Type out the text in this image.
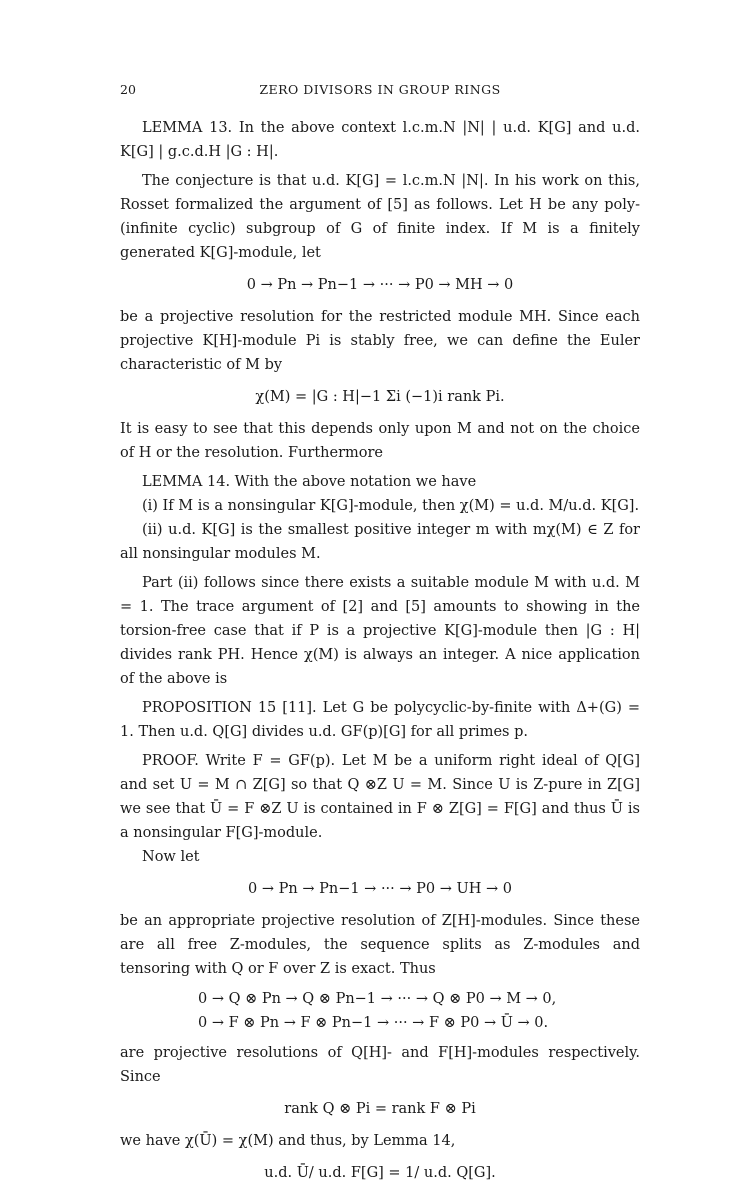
20	ZERO DIVISORS IN GROUP RINGS

LEMMA 13. In the above context l.c.m.N |N| | u.d. K[G] and u.d. K[G] | g.c.d.H |G : H|.

The conjecture is that u.d. K[G] = l.c.m.N |N|. In his work on this, Rosset formalized the argument of [5] as follows. Let H be any poly-(infinite cyclic) subgroup of G of finite index. If M is a finitely generated K[G]-module, let

0 → Pn → Pn−1 → ··· → P0 → MH → 0

be a projective resolution for the restricted module MH. Since each projective K[H]-module Pi is stably free, we can define the Euler characteristic of M by

χ(M) = |G : H|−1 Σi (−1)i rank Pi.

It is easy to see that this depends only upon M and not on the choice of H or the resolution. Furthermore

LEMMA 14. With the above notation we have

(i) If M is a nonsingular K[G]-module, then χ(M) = u.d. M/u.d. K[G].

(ii) u.d. K[G] is the smallest positive integer m with mχ(M) ∈ Z for all nonsingular modules M.

Part (ii) follows since there exists a suitable module M with u.d. M = 1. The trace argument of [2] and [5] amounts to showing in the torsion-free case that if P is a projective K[G]-module then |G : H| divides rank PH. Hence χ(M) is always an integer. A nice application of the above is

PROPOSITION 15 [11]. Let G be polycyclic-by-finite with Δ+(G) = 1. Then u.d. Q[G] divides u.d. GF(p)[G] for all primes p.

PROOF. Write F = GF(p). Let M be a uniform right ideal of Q[G] and set U = M ∩ Z[G] so that Q ⊗Z U = M. Since U is Z-pure in Z[G] we see that Ū = F ⊗Z U is contained in F ⊗ Z[G] = F[G] and thus Ū is a nonsingular F[G]-module.

Now let

0 → Pn → Pn−1 → ··· → P0 → UH → 0

be an appropriate projective resolution of Z[H]-modules. Since these are all free Z-modules, the sequence splits as Z-modules and tensoring with Q or F over Z is exact. Thus

0 → Q ⊗ Pn → Q ⊗ Pn−1 → ··· → Q ⊗ P0 → M → 0,
0 → F ⊗ Pn → F ⊗ Pn−1 → ··· → F ⊗ P0 → Ū → 0.

are projective resolutions of Q[H]- and F[H]-modules respectively. Since

rank Q ⊗ Pi = rank F ⊗ Pi

we have χ(Ū) = χ(M) and thus, by Lemma 14,

u.d. Ū/ u.d. F[G] = 1/ u.d. Q[G].
